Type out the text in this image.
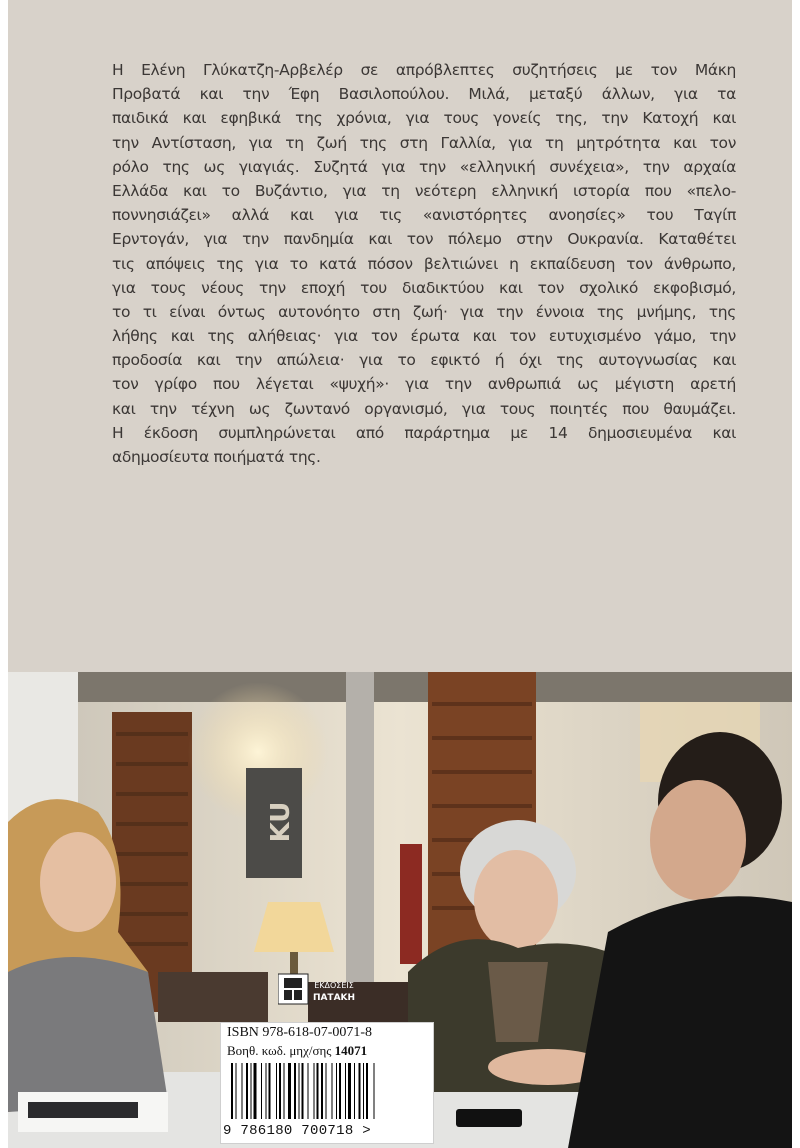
Η Ελένη Γλύκατζη-Αρβελέρ σε απρόβλεπτες συζητήσεις με τον Μάκη
Προβατά και την Έφη Βασιλοπούλου. Μιλά, μεταξύ άλλων, για τα
παιδικά και εφηβικά της χρόνια, για τους γονείς της, την Κατοχή και
την Αντίσταση, για τη ζωή της στη Γαλλία, για τη μητρότητα και τον
ρόλο της ως γιαγιάς. Συζητά για την «ελληνική συνέχεια», την αρχαία
Ελλάδα και το Βυζάντιο, για τη νεότερη ελληνική ιστορία που «πελο-
ποννησιάζει» αλλά και για τις «ανιστόρητες ανοησίες» του Ταγίπ
Ερντογάν, για την πανδημία και τον πόλεμο στην Ουκρανία. Καταθέτει
τις απόψεις της για το κατά πόσον βελτιώνει η εκπαίδευση τον άνθρωπο,
για τους νέους την εποχή του διαδικτύου και τον σχολικό εκφοβισμό,
το τι είναι όντως αυτονόητο στη ζωή· για την έννοια της μνήμης, της
λήθης και της αλήθειας· για τον έρωτα και τον ευτυχισμένο γάμο, την
προδοσία και την απώλεια· για το εφικτό ή όχι της αυτογνωσίας και
τον γρίφο που λέγεται «ψυχή»· για την ανθρωπιά ως μέγιστη αρετή
και την τέχνη ως ζωντανό οργανισμό, για τους ποιητές που θαυμάζει.
Η έκδοση συμπληρώνεται από παράρτημα με 14 δημοσιευμένα και
αδημοσίευτα ποιήματά της.
KU
ΕΚΔΟΣΕΙΣ
ΠΑΤΑΚΗ
ISBN 978-618-07-0071-8
Βοηθ. κωδ. μηχ/σης 14071
9 786180 700718 >
